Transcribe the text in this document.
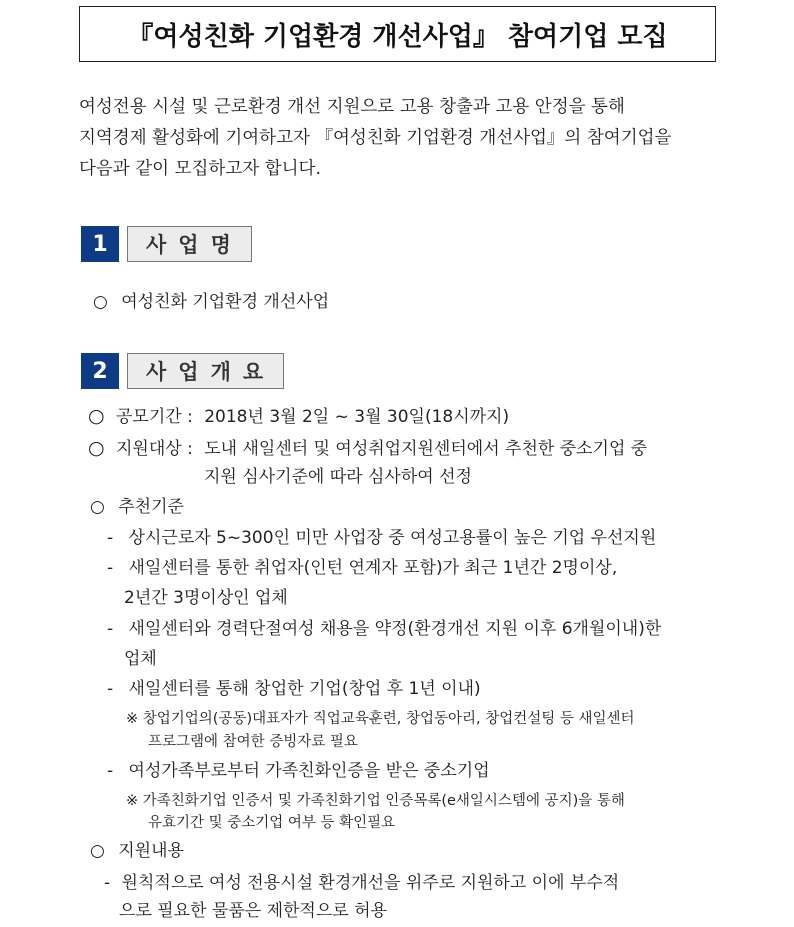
『여성친화 기업환경 개선사업』 참여기업 모집
여성전용 시설 및 근로환경 개선 지원으로 고용 창출과 고용 안정을 통해
지역경제 활성화에 기여하고자 『여성친화 기업환경 개선사업』의 참여기업을
다음과 같이 모집하고자 합니다.
1	사업명
○ 여성친화 기업환경 개선사업
2	사업개요
○ 공모기간 : 2018년 3월 2일 ~ 3월 30일(18시까지)
○ 지원대상 : 도내 새일센터 및 여성취업지원센터에서 추천한 중소기업 중
지원 심사기준에 따라 심사하여 선정
○ 추천기준
- 상시근로자 5~300인 미만 사업장 중 여성고용률이 높은 기업 우선지원
- 새일센터를 통한 취업자(인턴 연계자 포함)가 최근 1년간 2명이상,
2년간 3명이상인 업체
- 새일센터와 경력단절여성 채용을 약정(환경개선 지원 이후 6개월이내)한
업체
- 새일센터를 통해 창업한 기업(창업 후 1년 이내)
※ 창업기업의(공동)대표자가 직업교육훈련, 창업동아리, 창업컨설팅 등 새일센터
프로그램에 참여한 증빙자료 필요
- 여성가족부로부터 가족친화인증을 받은 중소기업
※ 가족친화기업 인증서 및 가족친화기업 인증목록(e새일시스템에 공지)을 통해
유효기간 및 중소기업 여부 등 확인필요
○ 지원내용
- 원칙적으로 여성 전용시설 환경개선을 위주로 지원하고 이에 부수적
으로 필요한 물품은 제한적으로 허용
